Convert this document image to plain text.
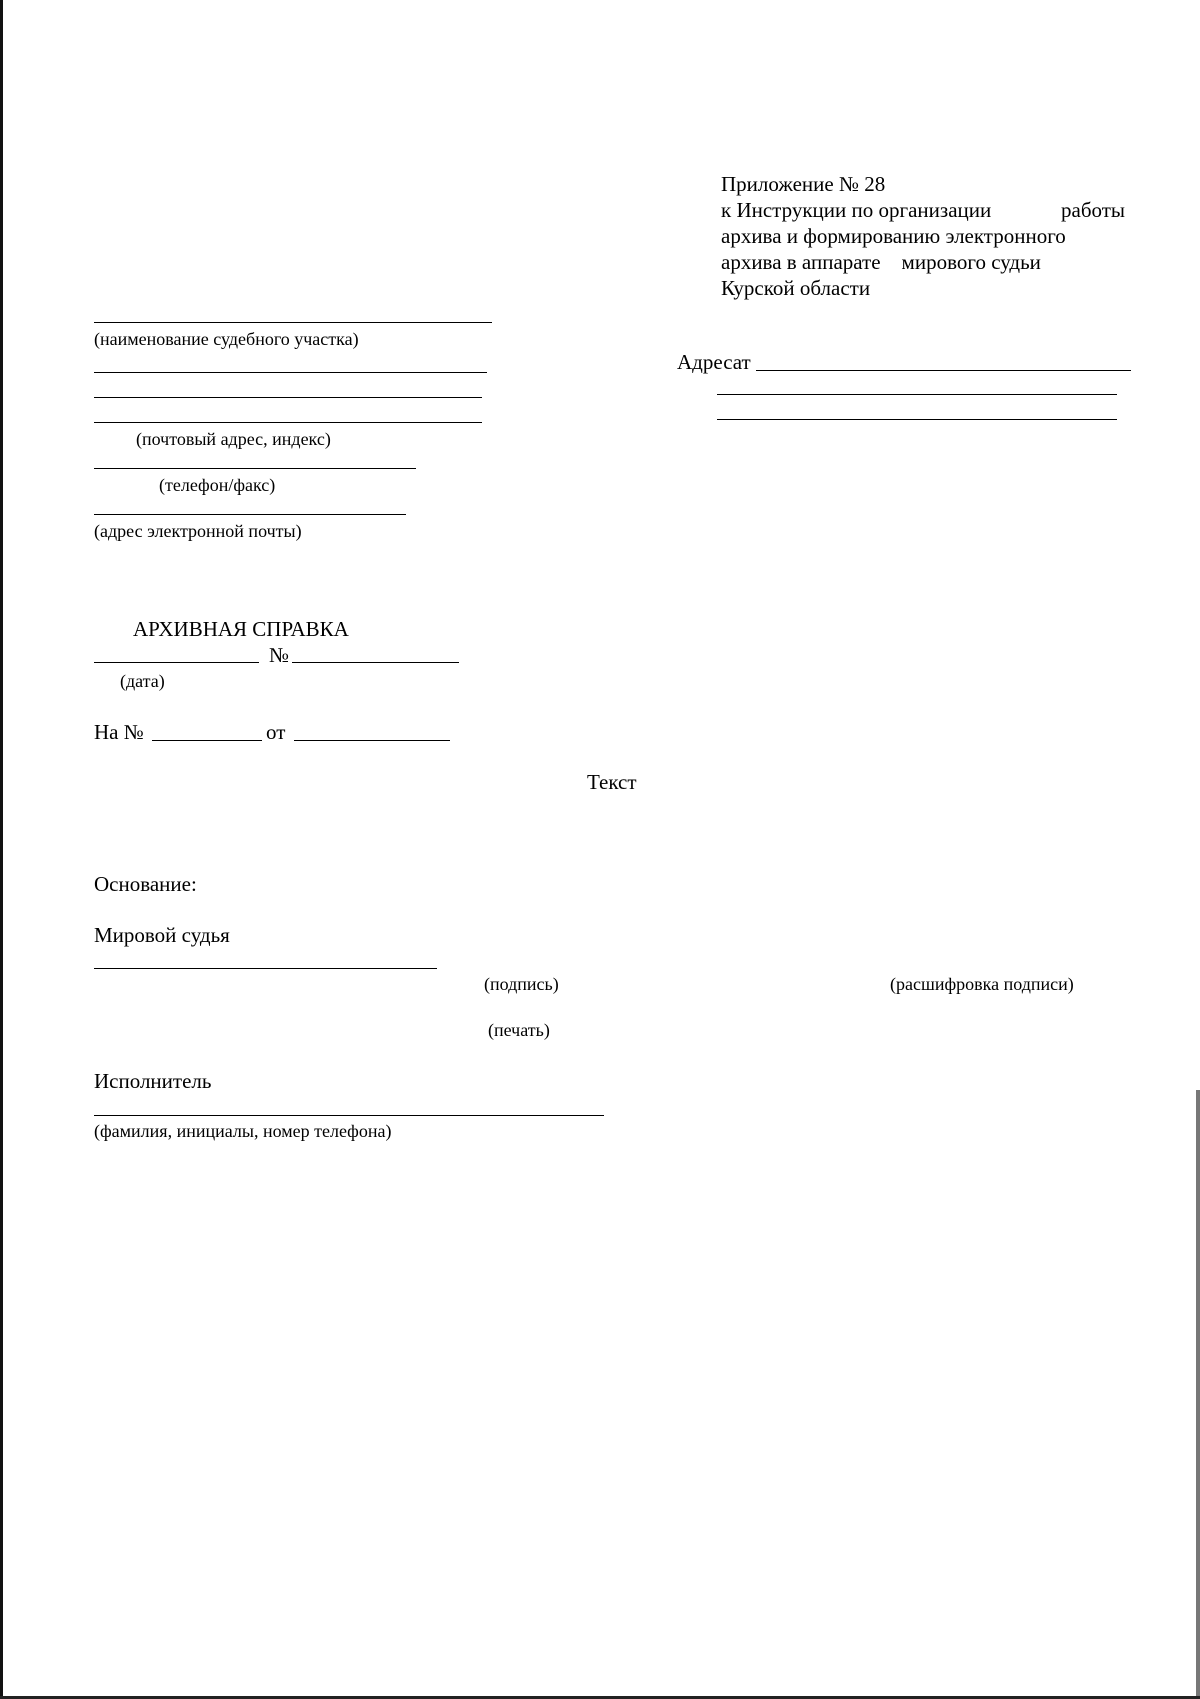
Приложение № 28
к Инструкции по организации	работы
архива и формированию электронного
архива в аппарате    мирового судьи
Курской области
(наименование судебного участка)
(почтовый адрес, индекс)
(телефон/факс)
(адрес электронной почты)
Адресат
АРХИВНАЯ СПРАВКА
№
(дата)
На №	от
Текст
Основание:
Мировой судья
(подпись)	(расшифровка подписи)
(печать)
Исполнитель
(фамилия, инициалы, номер телефона)
